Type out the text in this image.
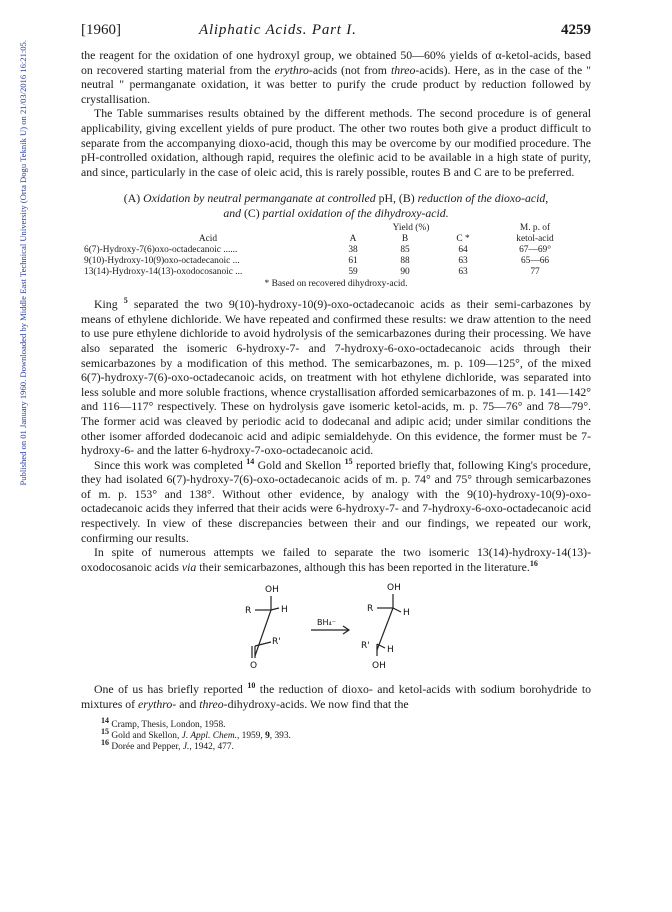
Published on 01 January 1960. Downloaded by Middle East Technical University (Orta Dogu Teknik U) on 21/03/2016 16:21:05.
[1960]	Aliphatic Acids. Part I.	4259

the reagent for the oxidation of one hydroxyl group, we obtained 50—60% yields of α-ketol-acids, based on recovered starting material from the erythro-acids (not from threo-acids). Here, as in the case of the " neutral " permanganate oxidation, it was better to purify the crude product by reduction followed by crystallisation.

The Table summarises results obtained by the different methods. The second procedure is of general applicability, giving excellent yields of pure product. The other two routes both give a product difficult to separate from the accompanying dioxo-acid, though this may be overcome by our modified procedure. The pH-controlled oxidation, although rapid, requires the olefinic acid to be available in a high state of purity, and since, particularly in the case of oleic acid, this is rarely possible, routes B and C are to be preferred.

(A) Oxidation by neutral permanganate at controlled pH, (B) reduction of the dioxo-acid,
and (C) partial oxidation of the dihydroxy-acid.
	Yield (%)			M. p. of
Acid	A	B	C *	ketol-acid
6(7)-Hydroxy-7(6)oxo-octadecanoic ......	38	85	64	67—69°
9(10)-Hydroxy-10(9)oxo-octadecanoic ...	61	88	63	65—66
13(14)-Hydroxy-14(13)-oxodocosanoic ...	59	90	63	77
* Based on recovered dihydroxy-acid.

King $^5$ separated the two 9(10)-hydroxy-10(9)-oxo-octadecanoic acids as their semi-carbazones by means of ethylene dichloride. We have repeated and confirmed these results: we draw attention to the need to use pure ethylene dichloride to avoid hydrolysis of the semicarbazones during their processing. We have also separated the isomeric 6-hydroxy-7- and 7-hydroxy-6-oxo-octadecanoic acids through their semicarbazones by a modification of this method. The semicarbazones, m. p. 109—125°, of the mixed 6(7)-hydroxy-7(6)-oxo-octadecanoic acids, on treatment with hot ethylene dichloride, was separated into less soluble and more soluble fractions, whence crystallisation afforded semicarbazones of m. p. 141—142° and 116—117° respectively. These on hydrolysis gave isomeric ketol-acids, m. p. 75—76° and 78—79°. The former acid was cleaved by periodic acid to dodecanal and adipic acid; under similar conditions the other isomer afforded dodecanoic acid and adipic semialdehyde. On this evidence, the former must be 7-hydroxy-6- and the latter 6-hydroxy-7-oxo-octadecanoic acid.

Since this work was completed $^{14}$ Gold and Skellon $^{15}$ reported briefly that, following King's procedure, they had isolated 6(7)-hydroxy-7(6)-oxo-octadecanoic acids of m. p. 74° and 75° through semicarbazones of m. p. 153° and 138°. Without other evidence, by analogy with the 9(10)-hydroxy-10(9)-oxo-octadecanoic acids they inferred that their acids were 6-hydroxy-7- and 7-hydroxy-6-oxo-octadecanoic acid respectively. In view of these discrepancies between their and our findings, we repeated our work, confirming our results.

In spite of numerous attempts we failed to separate the two isomeric 13(14)-hydroxy-14(13)-oxodocosanoic acids via their semicarbazones, although this has been reported in the literature.$^{16}$

OH
H
R
R'
O
BH₄⁻
OH
H
R
R' H
OH

One of us has briefly reported $^{10}$ the reduction of dioxo- and ketol-acids with sodium borohydride to mixtures of erythro- and threo-dihydroxy-acids. We now find that the

$^{14}$ Cramp, Thesis, London, 1958.
$^{15}$ Gold and Skellon, J. Appl. Chem., 1959, 9, 393.
$^{16}$ Dorée and Pepper, J., 1942, 477.
